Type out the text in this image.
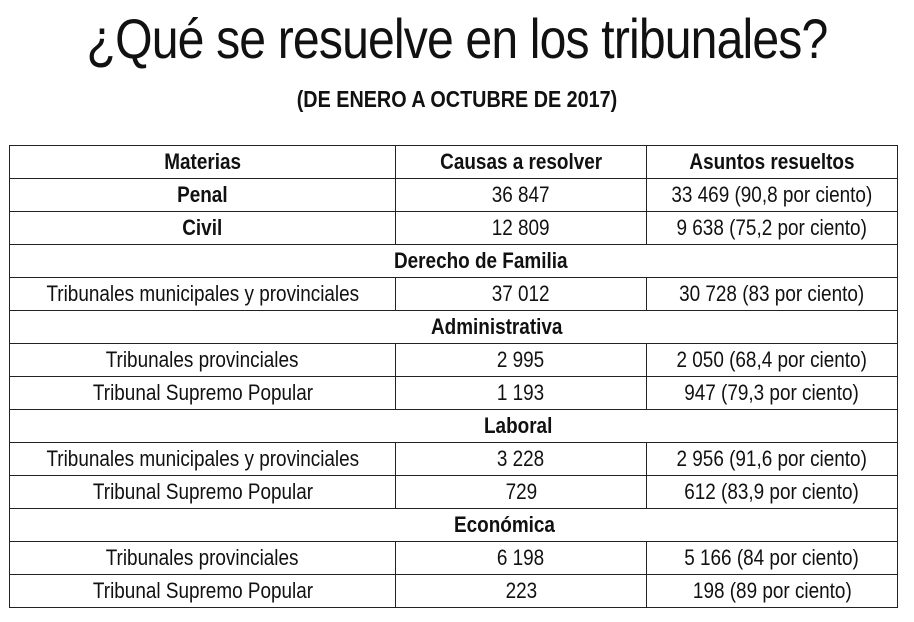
¿Qué se resuelve en los tribunales?
(DE ENERO A OCTUBRE DE 2017)
Materias	Causas a resolver	Asuntos resueltos
Penal	36 847	33 469 (90,8 por ciento)
Civil	12 809	9 638 (75,2 por ciento)
Derecho de Familia		
Tribunales municipales y provinciales	37 012	30 728 (83 por ciento)
Administrativa		
Tribunales provinciales	2 995	2 050 (68,4 por ciento)
Tribunal Supremo Popular	1 193	947 (79,3 por ciento)
Laboral		
Tribunales municipales y provinciales	3 228	2 956 (91,6 por ciento)
Tribunal Supremo Popular	729	612 (83,9 por ciento)
Económica		
Tribunales provinciales	6 198	5 166 (84 por ciento)
Tribunal Supremo Popular	223	198 (89 por ciento)
